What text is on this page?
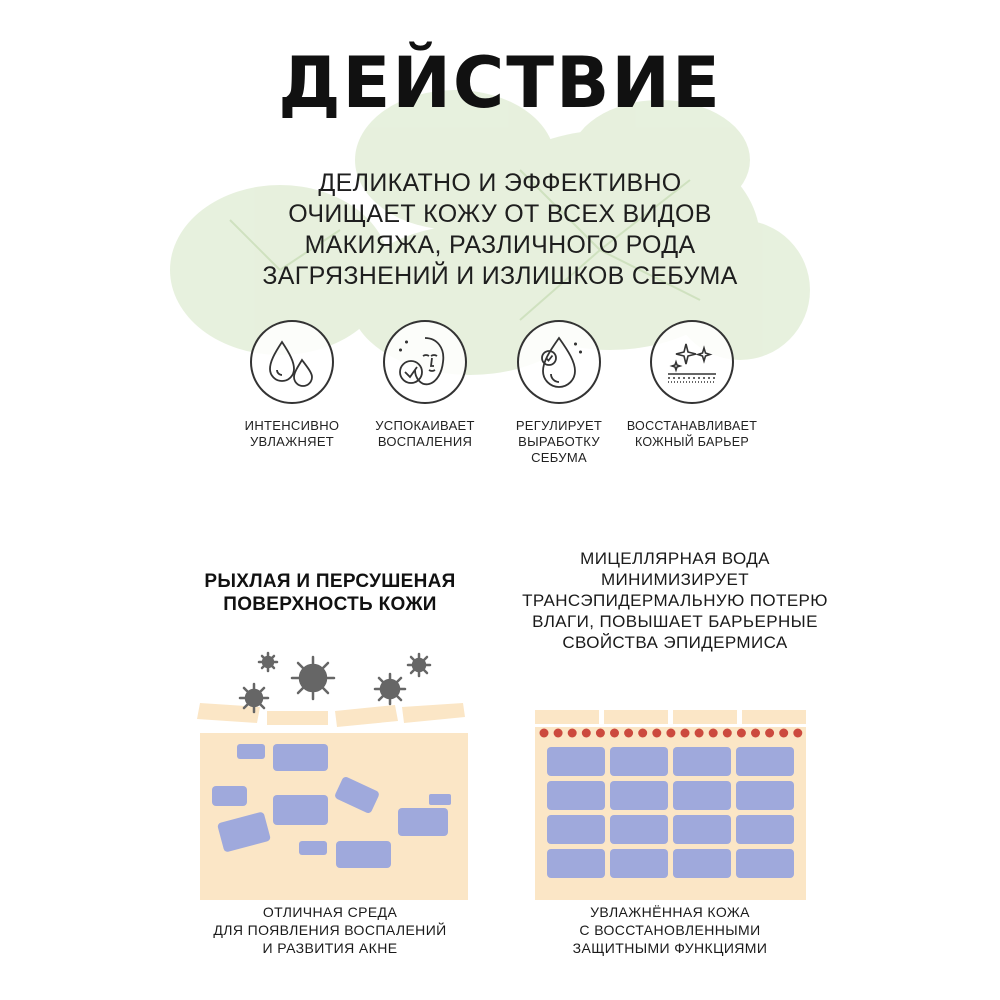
ДЕЙСТВИЕ
ДЕЛИКАТНО И ЭФФЕКТИВНО
ОЧИЩАЕТ КОЖУ ОТ ВСЕХ ВИДОВ
МАКИЯЖА, РАЗЛИЧНОГО РОДА
ЗАГРЯЗНЕНИЙ И ИЗЛИШКОВ СЕБУМА
ИНТЕНСИВНО
УВЛАЖНЯЕТ
УСПОКАИВАЕТ
ВОСПАЛЕНИЯ
РЕГУЛИРУЕТ
ВЫРАБОТКУ
СЕБУМА
ВОССТАНАВЛИВАЕТ
КОЖНЫЙ БАРЬЕР
РЫХЛАЯ И ПЕРСУШЕНАЯ
ПОВЕРХНОСТЬ КОЖИ
МИЦЕЛЛЯРНАЯ ВОДА
МИНИМИЗИРУЕТ
ТРАНСЭПИДЕРМАЛЬНУЮ ПОТЕРЮ
ВЛАГИ, ПОВЫШАЕТ БАРЬЕРНЫЕ
СВОЙСТВА ЭПИДЕРМИСА
ОТЛИЧНАЯ СРЕДА
ДЛЯ ПОЯВЛЕНИЯ ВОСПАЛЕНИЙ
И РАЗВИТИЯ АКНЕ
УВЛАЖНЁННАЯ КОЖА
С ВОССТАНОВЛЕННЫМИ
ЗАЩИТНЫМИ ФУНКЦИЯМИ
